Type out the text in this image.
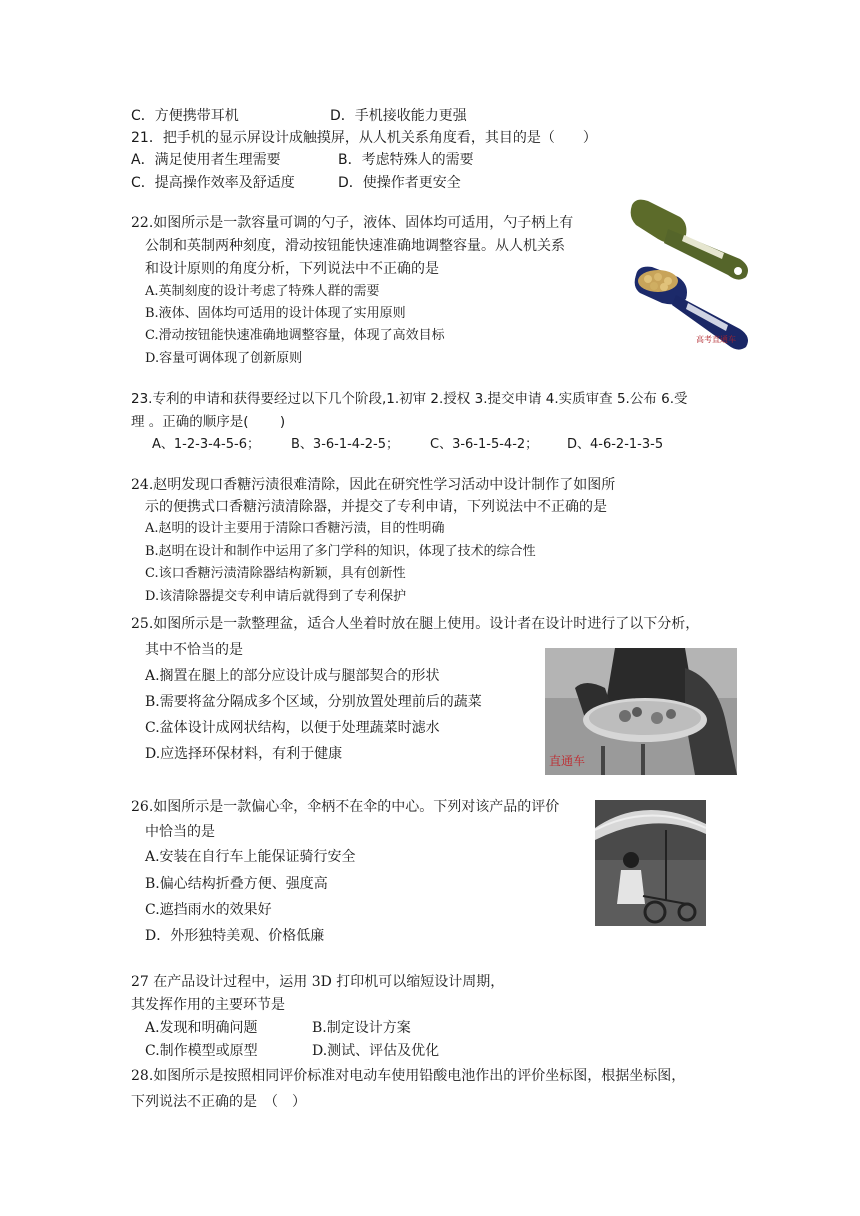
C．方便携带耳机	D．手机接收能力更强
21．把手机的显示屏设计成触摸屏，从人机关系角度看，其目的是（　　）
A．满足使用者生理需要	B．考虑特殊人的需要
C．提高操作效率及舒适度	D．使操作者更安全
22.如图所示是一款容量可调的勺子，液体、固体均可适用，勺子柄上有
公制和英制两种刻度，滑动按钮能快速准确地调整容量。从人机关系
和设计原则的角度分析，下列说法中不正确的是
A.英制刻度的设计考虑了特殊人群的需要
B.液体、固体均可适用的设计体现了实用原则
C.滑动按钮能快速准确地调整容量，体现了高效目标
D.容量可调体现了创新原则
高考直通车
23.专利的申请和获得要经过以下几个阶段,1.初审 2.授权 3.提交申请 4.实质审查 5.公布 6.受
理 。正确的顺序是(　　 )
A、1-2-3-4-5-6； B、3-6-1-4-2-5； C、3-6-1-5-4-2； D、4-6-2-1-3-5
24.赵明发现口香糖污渍很难清除，因此在研究性学习活动中设计制作了如图所
示的便携式口香糖污渍清除器，并提交了专利申请，下列说法中不正确的是
A.赵明的设计主要用于清除口香糖污渍，目的性明确
B.赵明在设计和制作中运用了多门学科的知识，体现了技术的综合性
C.该口香糖污渍清除器结构新颖，具有创新性
D.该清除器提交专利申请后就得到了专利保护
25.如图所示是一款整理盆，适合人坐着时放在腿上使用。设计者在设计时进行了以下分析，
其中不恰当的是
A.搁置在腿上的部分应设计成与腿部契合的形状
B.需要将盆分隔成多个区域，分别放置处理前后的蔬菜
C.盆体设计成网状结构，以便于处理蔬菜时滤水
D.应选择环保材料，有利于健康	直通车
26.如图所示是一款偏心伞，伞柄不在伞的中心。下列对该产品的评价
中恰当的是
A.安装在自行车上能保证骑行安全
B.偏心结构折叠方便、强度高
C.遮挡雨水的效果好
D．外形独特美观、价格低廉
27 在产品设计过程中，运用 3D 打印机可以缩短设计周期，
其发挥作用的主要环节是
A.发现和明确问题	B.制定设计方案
C.制作模型或原型	D.测试、评估及优化
28.如图所示是按照相同评价标准对电动车使用铅酸电池作出的评价坐标图，根据坐标图，
下列说法不正确的是　（　）
